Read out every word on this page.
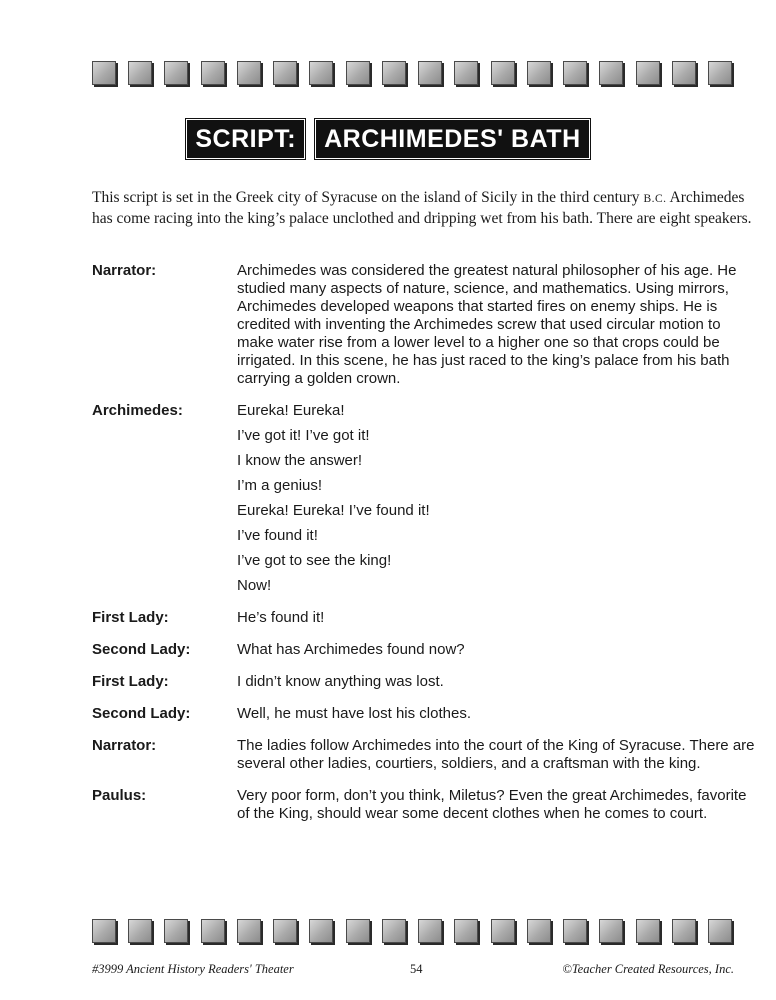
SCRIPT:	ARCHIMEDES' BATH
This script is set in the Greek city of Syracuse on the island of Sicily in the third century B.C. Archimedes has come racing into the king’s palace unclothed and dripping wet from his bath. There are eight speakers.
Narrator:	Archimedes was considered the greatest natural philosopher of his age. He studied many aspects of nature, science, and mathematics. Using mirrors, Archimedes developed weapons that started fires on enemy ships. He is credited with inventing the Archimedes screw that used circular motion to make water rise from a lower level to a higher one so that crops could be irrigated. In this scene, he has just raced to the king’s palace from his bath carrying a golden crown.
Archimedes:	Eureka! Eureka!
I’ve got it! I’ve got it!
I know the answer!
I’m a genius!
Eureka! Eureka! I’ve found it!
I’ve found it!
I’ve got to see the king!
Now!
First Lady:	He’s found it!
Second Lady:	What has Archimedes found now?
First Lady:	I didn’t know anything was lost.
Second Lady:	Well, he must have lost his clothes.
Narrator:	The ladies follow Archimedes into the court of the King of Syracuse. There are several other ladies, courtiers, soldiers, and a craftsman with the king.
Paulus:	Very poor form, don’t you think, Miletus? Even the great Archimedes, favorite of the King, should wear some decent clothes when he comes to court.
#3999 Ancient History Readers' Theater	54	©Teacher Created Resources, Inc.
